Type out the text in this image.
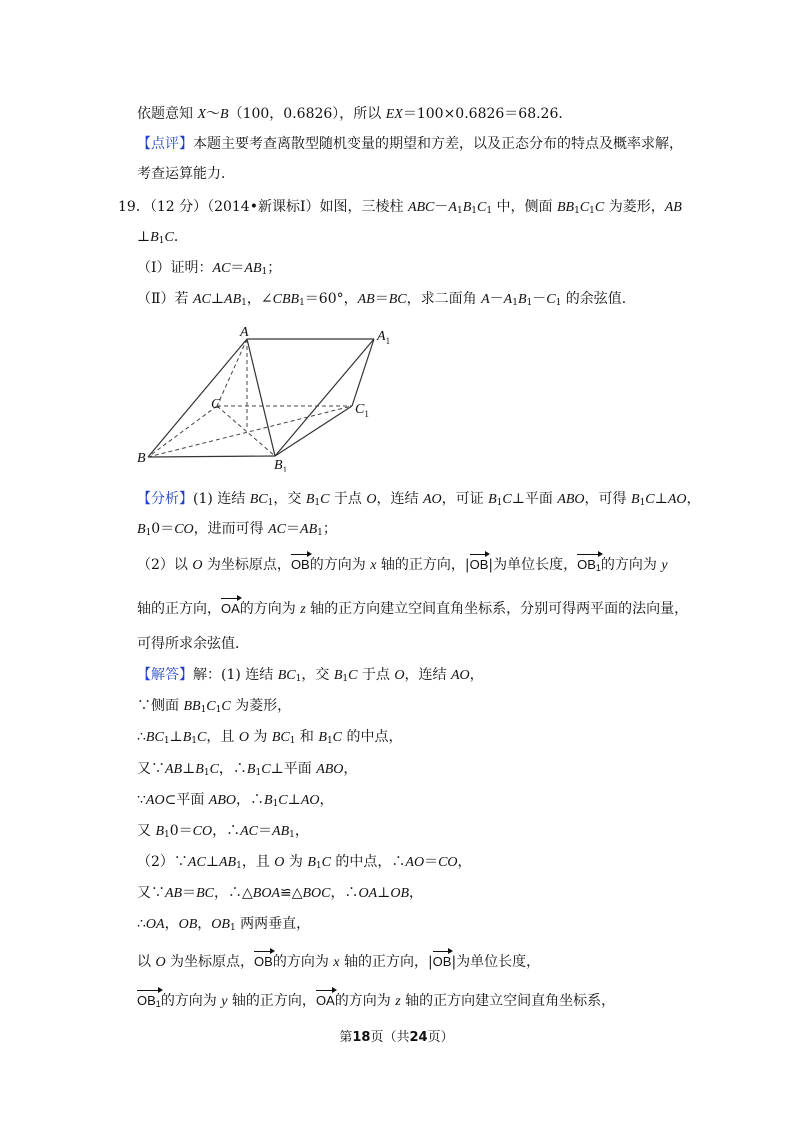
依题意知 X～B（100，0.6826），所以 EX＝100×0.6826＝68.26．
【点评】本题主要考查离散型随机变量的期望和方差，以及正态分布的特点及概率求解，
考查运算能力．
19．（12 分）（2014•新课标Ⅰ）如图，三棱柱 $ABC-A_1B_1C_1$ 中，侧面 $BB_1C_1C$ 为菱形，AB
$\perp B_1C$．
（Ⅰ）证明：$AC=AB_1$；
（Ⅱ）若 $AC\perp AB_1$，$\angle CBB_1=60^\circ$，AB＝BC，求二面角 $A-A_1B_1-C_1$ 的余弦值．
A	$A_1$
C	$C_1$
B	$B_1$
【分析】(1) 连结 $BC_1$，交 $B_1C$ 于点 O，连结 AO，可证 $B_1C\perp$平面 ABO，可得 $B_1C\perp AO$，
$B_10=CO$，进而可得 $AC=AB_1$；
（2）以 O 为坐标原点，OB的方向为 x 轴的正方向，|OB|为单位长度，$OB_1$的方向为 y
轴的正方向，OA的方向为 z 轴的正方向建立空间直角坐标系，分别可得两平面的法向量，
可得所求余弦值．
【解答】解：(1) 连结 $BC_1$，交 $B_1C$ 于点 O，连结 AO，
∵侧面 $BB_1C_1C$ 为菱形，
$\therefore BC_1\perp B_1C$，且 O 为 $BC_1$ 和 $B_1C$ 的中点，
又$\because AB\perp B_1C$，$\therefore B_1C\perp$平面 ABO，
∵AO⊂平面 ABO，$\therefore B_1C\perp AO$，
又 $B_10=CO$，$\therefore AC=AB_1$，
$(2)\because AC\perp AB_1$，且 O 为 $B_1C$ 的中点，∴AO＝CO，
又∵AB＝BC，∴△BOA≌△BOC，∴OA⊥OB，
∴OA，OB，$OB_1$ 两两垂直，
以 O 为坐标原点，OB的方向为 x 轴的正方向，|OB|为单位长度，
$OB_1$的方向为 y 轴的正方向，OA的方向为 z 轴的正方向建立空间直角坐标系，
第18页（共24页）
